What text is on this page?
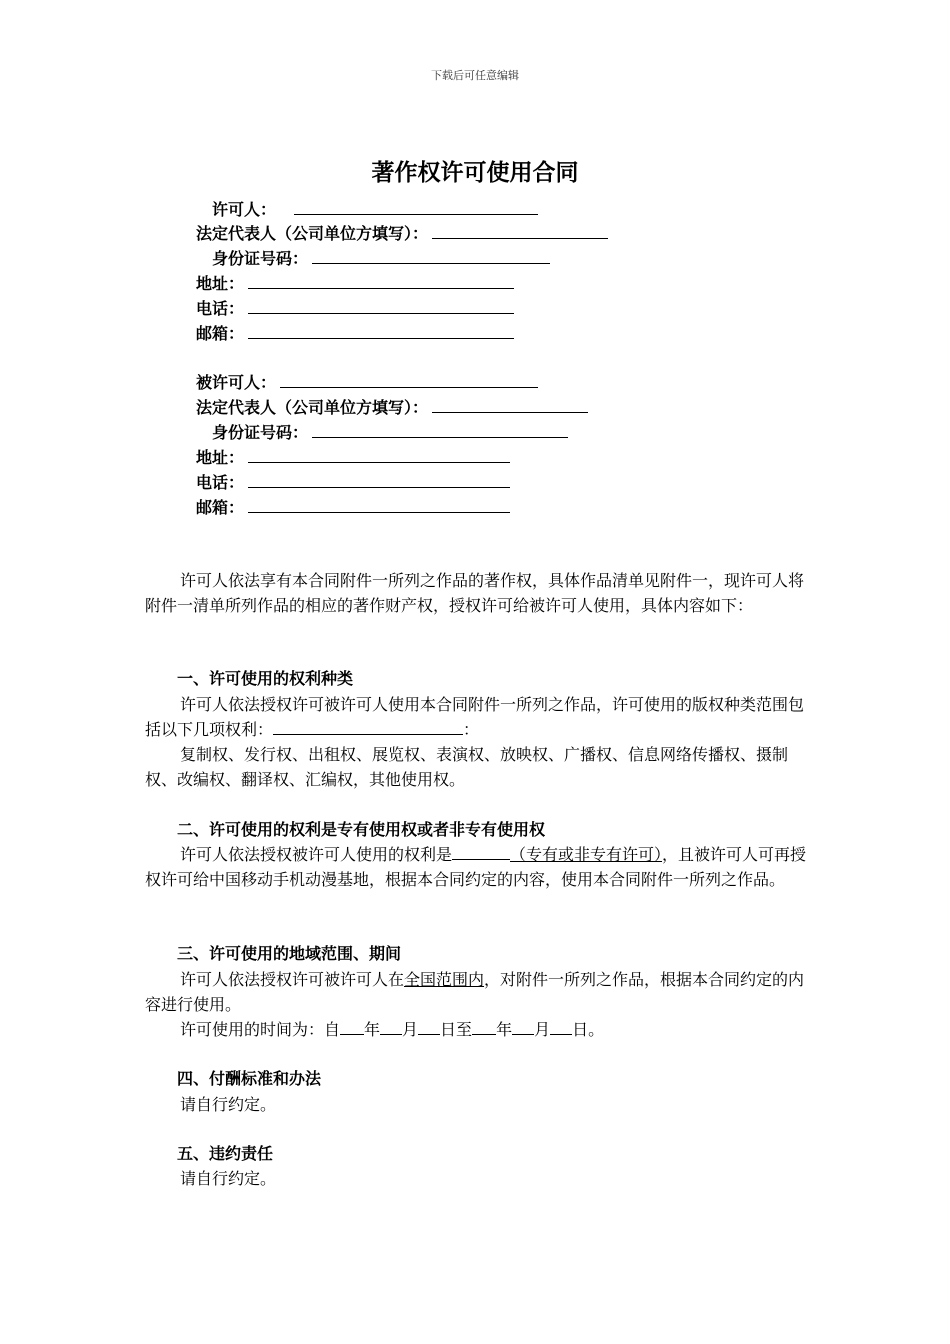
下载后可任意编辑
著作权许可使用合同
许可人：
法定代表人（公司单位方填写）：
身份证号码：
地址：
电话：
邮箱：
被许可人：
法定代表人（公司单位方填写）：
身份证号码：
地址：
电话：
邮箱：
许可人依法享有本合同附件一所列之作品的著作权，具体作品清单见附件一，现许可人将附件一清单所列作品的相应的著作财产权，授权许可给被许可人使用，具体内容如下：
一、许可使用的权利种类
许可人依法授权许可被许可人使用本合同附件一所列之作品，许可使用的版权种类范围包括以下几项权利：	：
复制权、发行权、出租权、展览权、表演权、放映权、广播权、信息网络传播权、摄制权、改编权、翻译权、汇编权，其他使用权。
二、许可使用的权利是专有使用权或者非专有使用权
许可人依法授权被许可人使用的权利是	（专有或非专有许可），且被许可人可再授权许可给中国移动手机动漫基地，根据本合同约定的内容，使用本合同附件一所列之作品。
三、许可使用的地域范围、期间
许可人依法授权许可被许可人在全国范围内，对附件一所列之作品，根据本合同约定的内容进行使用。
许可使用的时间为：自 年 月 日至 年 月 日。
四、付酬标准和办法
请自行约定。
五、违约责任
请自行约定。
